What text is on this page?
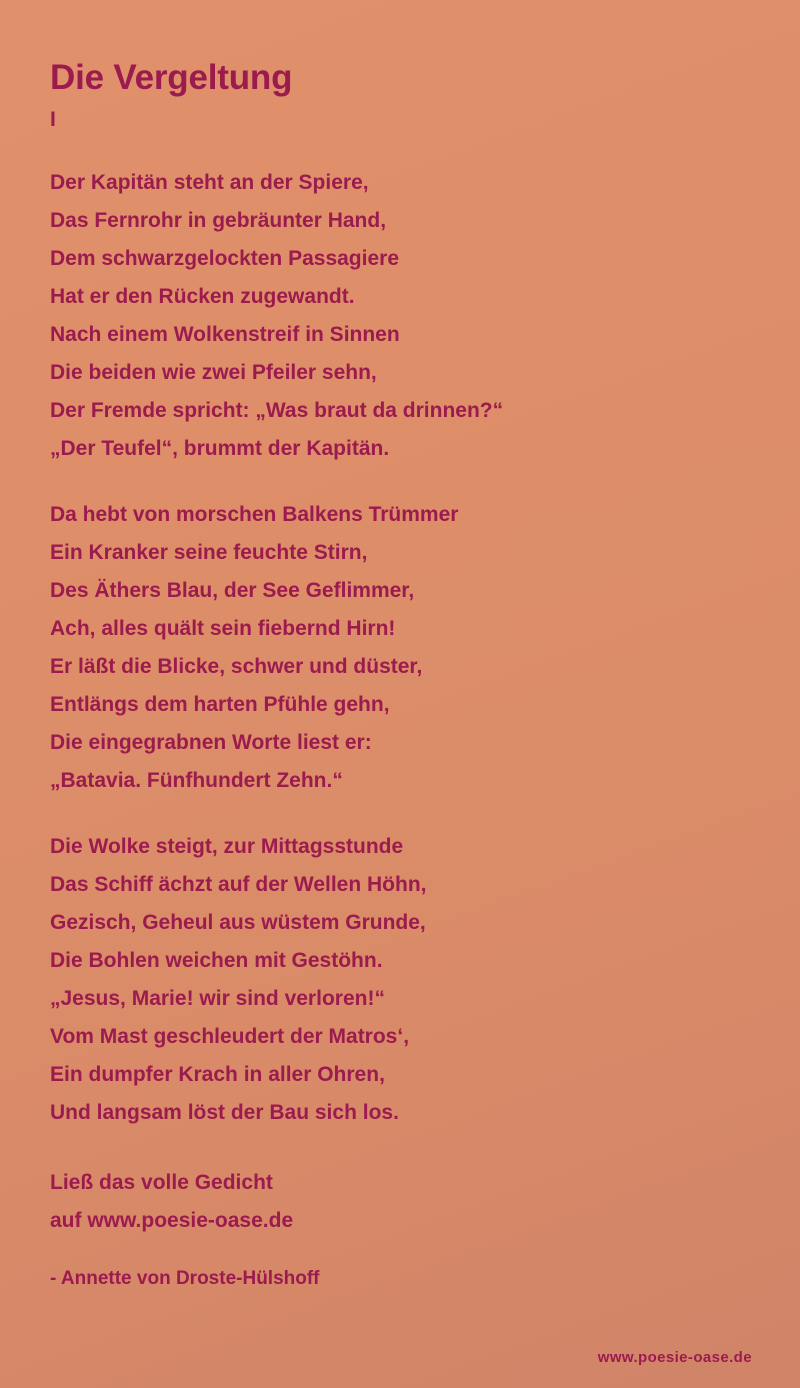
Die Vergeltung
I
Der Kapitän steht an der Spiere,
Das Fernrohr in gebräunter Hand,
Dem schwarzgelockten Passagiere
Hat er den Rücken zugewandt.
Nach einem Wolkenstreif in Sinnen
Die beiden wie zwei Pfeiler sehn,
Der Fremde spricht: „Was braut da drinnen?“
„Der Teufel“, brummt der Kapitän.
Da hebt von morschen Balkens Trümmer
Ein Kranker seine feuchte Stirn,
Des Äthers Blau, der See Geflimmer,
Ach, alles quält sein fiebernd Hirn!
Er läßt die Blicke, schwer und düster,
Entlängs dem harten Pfühle gehn,
Die eingegrabnen Worte liest er:
„Batavia. Fünfhundert Zehn.“
Die Wolke steigt, zur Mittagsstunde
Das Schiff ächzt auf der Wellen Höhn,
Gezisch, Geheul aus wüstem Grunde,
Die Bohlen weichen mit Gestöhn.
„Jesus, Marie! wir sind verloren!“
Vom Mast geschleudert der Matros‘,
Ein dumpfer Krach in aller Ohren,
Und langsam löst der Bau sich los.
Ließ das volle Gedicht
auf www.poesie-oase.de
- Annette von Droste-Hülshoff
www.poesie-oase.de
